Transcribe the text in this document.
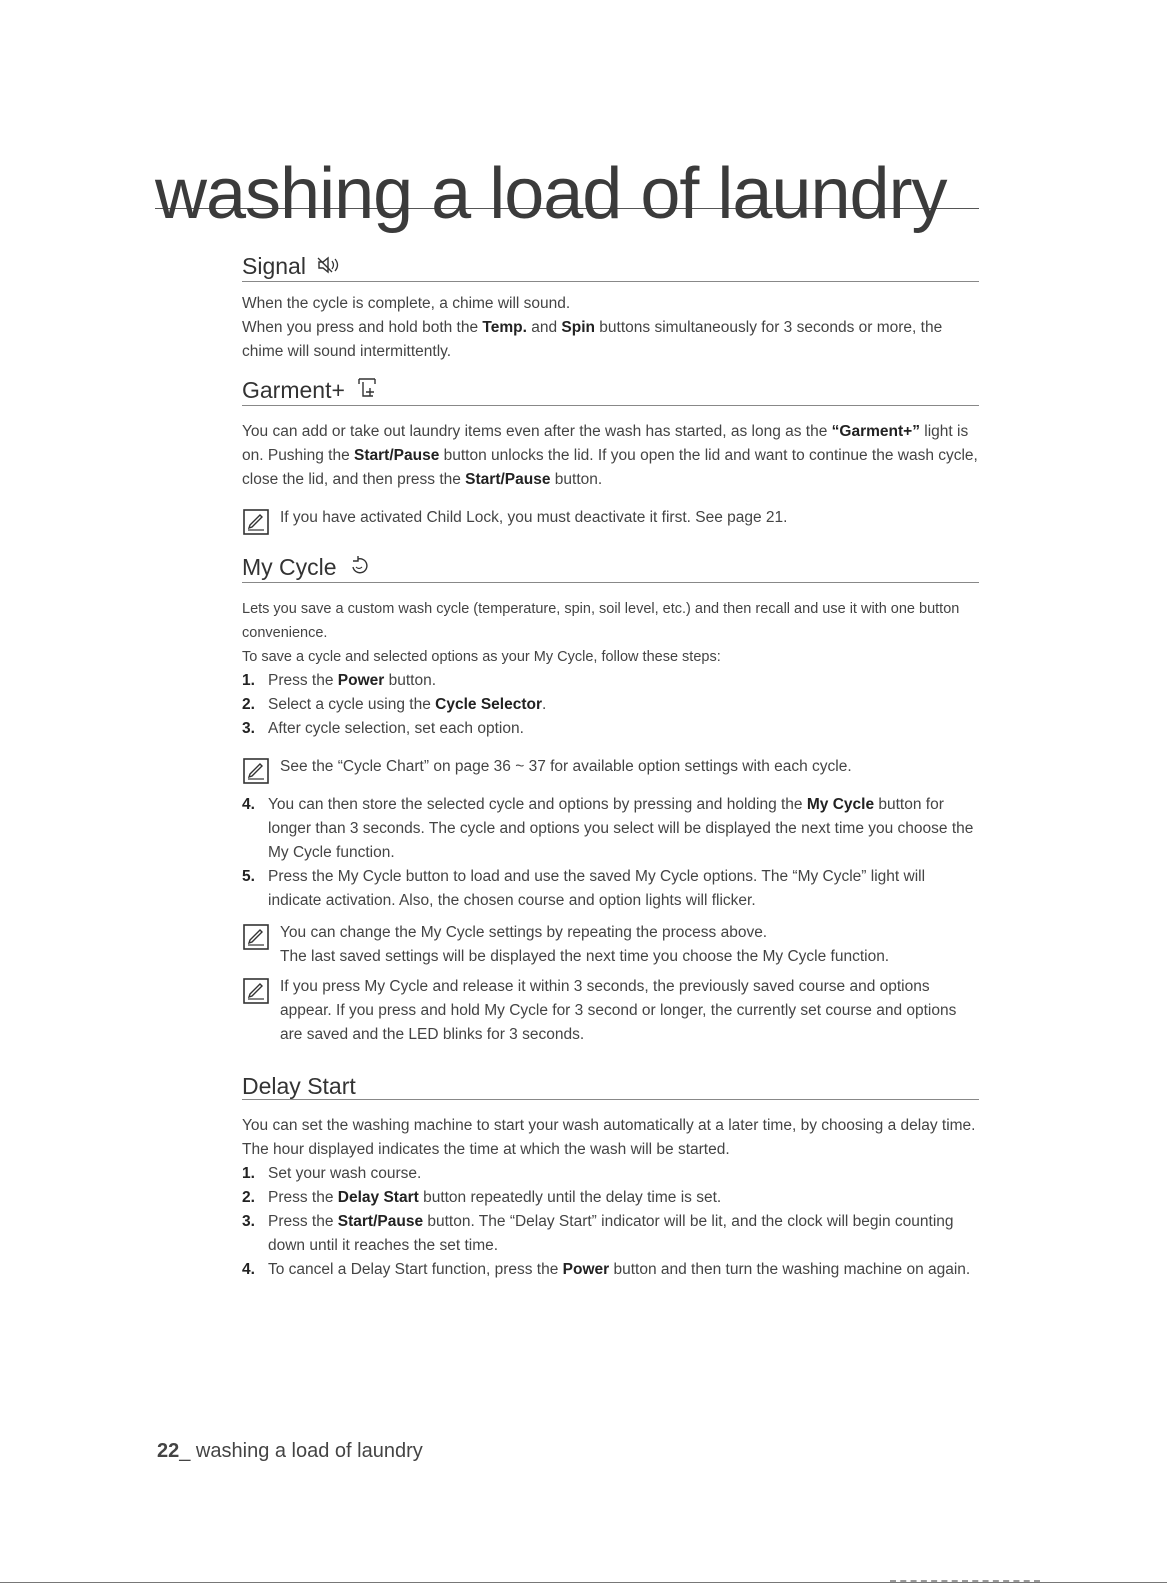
washing a load of laundry
Signal

When the cycle is complete, a chime will sound.

When you press and hold both the Temp. and Spin buttons simultaneously for 3 seconds or more, the chime will sound intermittently.

Garment+

You can add or take out laundry items even after the wash has started, as long as the “Garment+” light is on. Pushing the Start/Pause button unlocks the lid. If you open the lid and want to continue the wash cycle, close the lid, and then press the Start/Pause button.

If you have activated Child Lock, you must deactivate it first. See page 21.

My Cycle

Lets you save a custom wash cycle (temperature, spin, soil level, etc.) and then recall and use it with one button convenience.

To save a cycle and selected options as your My Cycle, follow these steps:

1. Press the Power button.

2. Select a cycle using the Cycle Selector.

3. After cycle selection, set each option.

See the “Cycle Chart” on page 36 ~ 37 for available option settings with each cycle.

4. You can then store the selected cycle and options by pressing and holding the My Cycle button for longer than 3 seconds. The cycle and options you select will be displayed the next time you choose the My Cycle function.

5. Press the My Cycle button to load and use the saved My Cycle options. The “My Cycle” light will indicate activation. Also, the chosen course and option lights will flicker.

You can change the My Cycle settings by repeating the process above.

The last saved settings will be displayed the next time you choose the My Cycle function.

If you press My Cycle and release it within 3 seconds, the previously saved course and options appear. If you press and hold My Cycle for 3 second or longer, the currently set course and options are saved and the LED blinks for 3 seconds.

Delay Start

You can set the washing machine to start your wash automatically at a later time, by choosing a delay time.

The hour displayed indicates the time at which the wash will be started.

1. Set your wash course.

2. Press the Delay Start button repeatedly until the delay time is set.

3. Press the Start/Pause button. The “Delay Start” indicator will be lit, and the clock will begin counting down until it reaches the set time.

4. To cancel a Delay Start function, press the Power button and then turn the washing machine on again.

22_ washing a load of laundry
